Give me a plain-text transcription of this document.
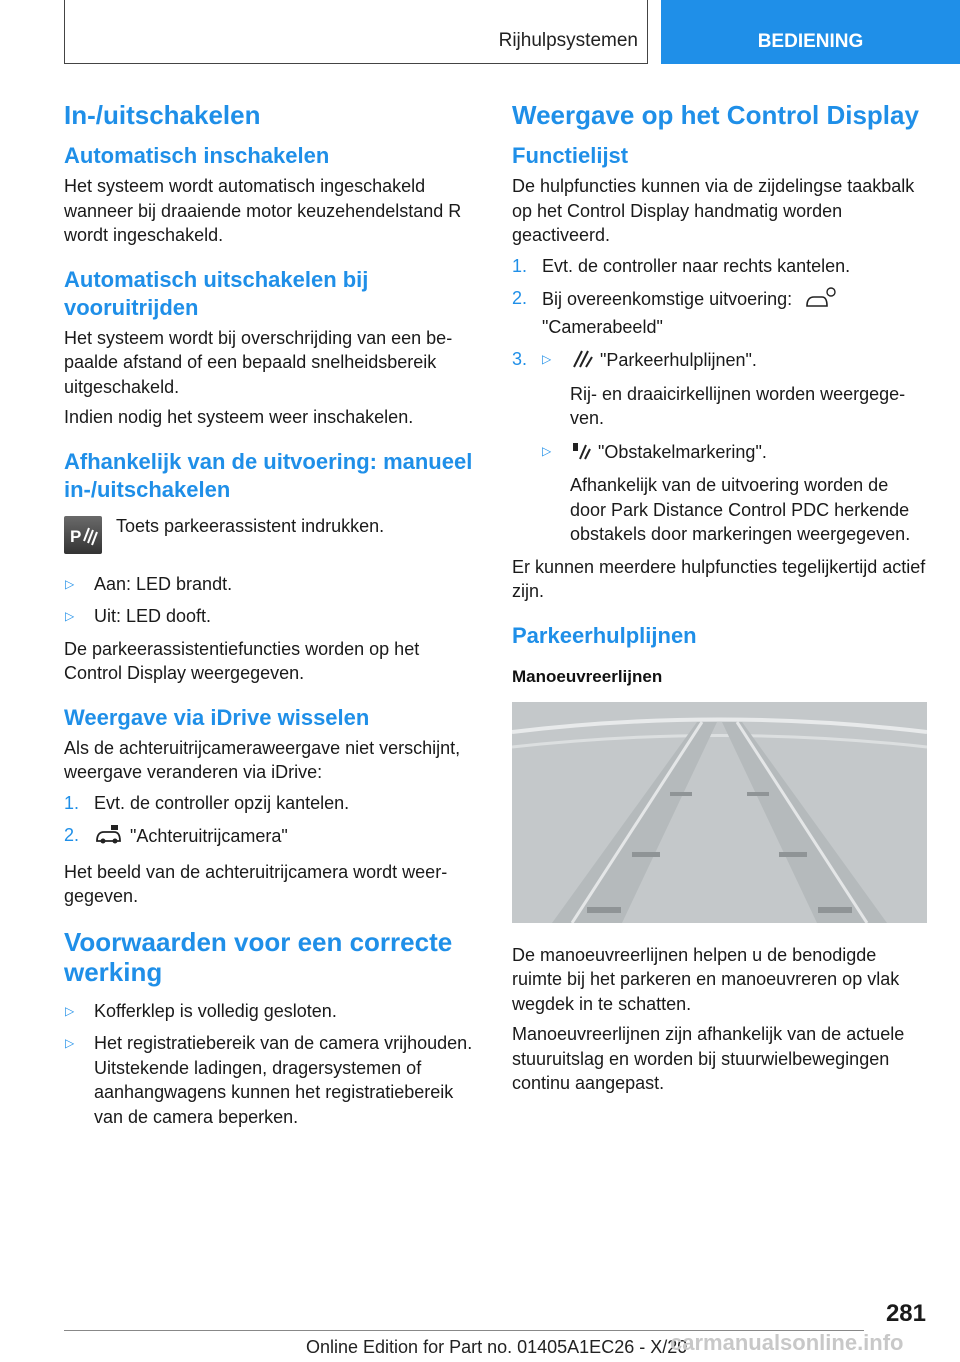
Rijhulpsystemen	BEDIENING
In-/uitschakelen
Automatisch inschakelen

Het systeem wordt automatisch ingeschakeld wanneer bij draaiende motor keuzehendelstand R wordt ingeschakeld.

Automatisch uitschakelen bij vooruitrijden

Het systeem wordt bij overschrijding van een bepaalde afstand of een bepaald snelheidsbereik uitgeschakeld.

Indien nodig het systeem weer inschakelen.

Afhankelijk van de uitvoering: manueel in-/uitschakelen
P

Toets parkeerassistent indrukken.

▷ Aan: LED brandt.
▷ Uit: LED dooft.

De parkeerassistentiefuncties worden op het Control Display weergegeven.

Weergave via iDrive wisselen

Als de achteruitrijcameraweergave niet verschijnt, weergave veranderen via iDrive:

1. Evt. de controller opzij kantelen.
2.	"Achteruitrijcamera"

Het beeld van de achteruitrijcamera wordt weergegeven.

Voorwaarden voor een correcte werking
▷ Kofferklep is volledig gesloten.
▷ Het registratiebereik van de camera vrijhouden. Uitstekende ladingen, dragersystemen of aanhangwagens kunnen het registratiebereik van de camera beperken.
Weergave op het Control Display
Functielijst

De hulpfuncties kunnen via de zijdelingse taakbalk op het Control Display handmatig worden geactiveerd.

1. Evt. de controller naar rechts kantelen.
2. Bij overeenkomstige uitvoering:
"Camerabeeld"
3. ▷	"Parkeerhulplijnen".
Rij- en draaicirkellijnen worden weergegeven.
▷	"Obstakelmarkering".
Afhankelijk van de uitvoering worden de door Park Distance Control PDC herkende obstakels door markeringen weergegeven.

Er kunnen meerdere hulpfuncties tegelijkertijd actief zijn.

Parkeerhulplijnen
Manoeuvreerlijnen

De manoeuvreerlijnen helpen u de benodigde ruimte bij het parkeren en manoeuvreren op vlak wegdek in te schatten.

Manoeuvreerlijnen zijn afhankelijk van de actuele stuuruitslag en worden bij stuurwielbewegingen continu aangepast.

281
Online Edition for Part no. 01405A1EC26 - X/20
carmanualsonline.info
